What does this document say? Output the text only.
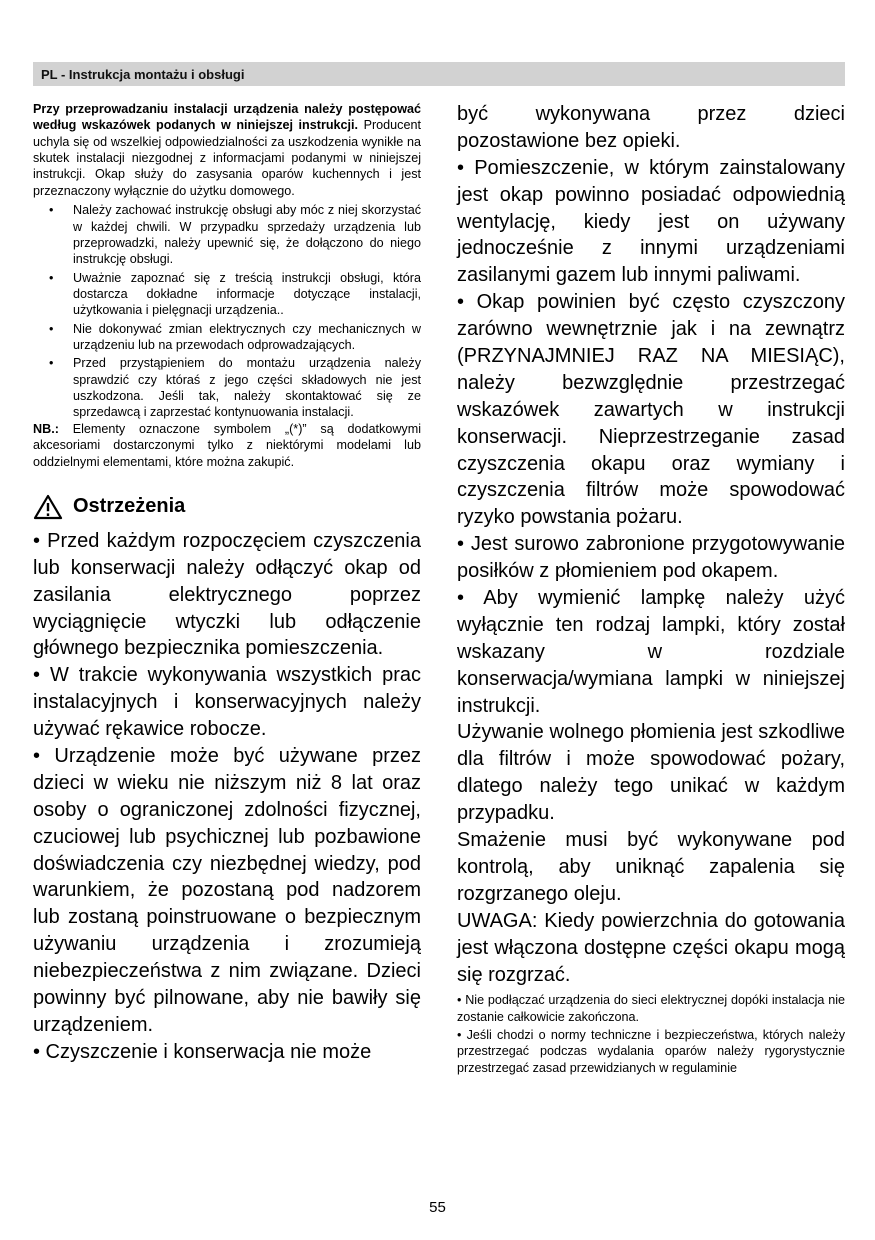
PL - Instrukcja montażu i obsługi

Przy przeprowadzaniu instalacji urządzenia należy postępować według wskazówek podanych w niniejszej instrukcji. Producent uchyla się od wszelkiej odpowiedzialności za uszkodzenia wynikłe na skutek instalacji niezgodnej z informacjami podanymi w niniejszej instrukcji. Okap służy do zasysania oparów kuchennych i jest przeznaczony wyłącznie do użytku domowego.

•	Należy zachować instrukcję obsługi aby móc z niej skorzystać w każdej chwili. W przypadku sprzedaży urządzenia lub przeprowadzki, należy upewnić się, że dołączono do niego instrukcję obsługi.
•	Uważnie zapoznać się z treścią instrukcji obsługi, która dostarcza dokładne informacje dotyczące instalacji, użytkowania i pielęgnacji urządzenia..
•	Nie dokonywać zmian elektrycznych czy mechanicznych w urządzeniu lub na przewodach odprowadzających.
•	Przed przystąpieniem do montażu urządzenia należy sprawdzić czy któraś z jego części składowych nie jest uszkodzona. Jeśli tak, należy skontaktować się ze sprzedawcą i zaprzestać kontynuowania instalacji.

NB.: Elementy oznaczone symbolem „(*)” są dodatkowymi akcesoriami dostarczonymi tylko z niektórymi modelami lub oddzielnymi elementami, które można zakupić.

Ostrzeżenia

• Przed każdym rozpoczęciem czyszczenia lub konserwacji należy odłączyć okap od zasilania elektrycznego poprzez wyciągnięcie wtyczki lub odłączenie głównego bezpiecznika pomieszczenia.

• W trakcie wykonywania wszystkich prac instalacyjnych i konserwacyjnych należy używać rękawice robocze.

• Urządzenie może być używane przez dzieci w wieku nie niższym niż 8 lat oraz osoby o ograniczonej zdolności fizycznej, czuciowej lub psychicznej lub pozbawione doświadczenia czy niezbędnej wiedzy, pod warunkiem, że pozostaną pod nadzorem lub zostaną poinstruowane o bezpiecznym używaniu urządzenia i zrozumieją niebezpieczeństwa z nim związane. Dzieci powinny być pilnowane, aby nie bawiły się urządzeniem.

• Czyszczenie i konserwacja nie może

być wykonywana przez dzieci pozostawione bez opieki.

• Pomieszczenie, w którym zainstalowany jest okap powinno posiadać odpowiednią wentylację, kiedy jest on używany jednocześnie z innymi urządzeniami zasilanymi gazem lub innymi paliwami.

• Okap powinien być często czyszczony zarówno wewnętrznie jak i na zewnątrz (PRZYNAJMNIEJ RAZ NA MIESIĄC), należy bezwzględnie przestrzegać wskazówek zawartych w instrukcji konserwacji. Nieprzestrzeganie zasad czyszczenia okapu oraz wymiany i czyszczenia filtrów może spowodować ryzyko powstania pożaru.

• Jest surowo zabronione przygotowywanie posiłków z płomieniem pod okapem.

• Aby wymienić lampkę należy użyć wyłącznie ten rodzaj lampki, który został wskazany w rozdziale konserwacja/wymiana lampki w niniejszej instrukcji.

Używanie wolnego płomienia jest szkodliwe dla filtrów i może spowodować pożary, dlatego należy tego unikać w każdym przypadku.

Smażenie musi być wykonywane pod kontrolą, aby uniknąć zapalenia się rozgrzanego oleju.

UWAGA: Kiedy powierzchnia do gotowania jest włączona dostępne części okapu mogą się rozgrzać.

• Nie podłączać urządzenia do sieci elektrycznej dopóki instalacja nie zostanie całkowicie zakończona.

• Jeśli chodzi o normy techniczne i bezpieczeństwa, których należy przestrzegać podczas wydalania oparów należy rygorystycznie przestrzegać zasad przewidzianych w regulaminie

55
